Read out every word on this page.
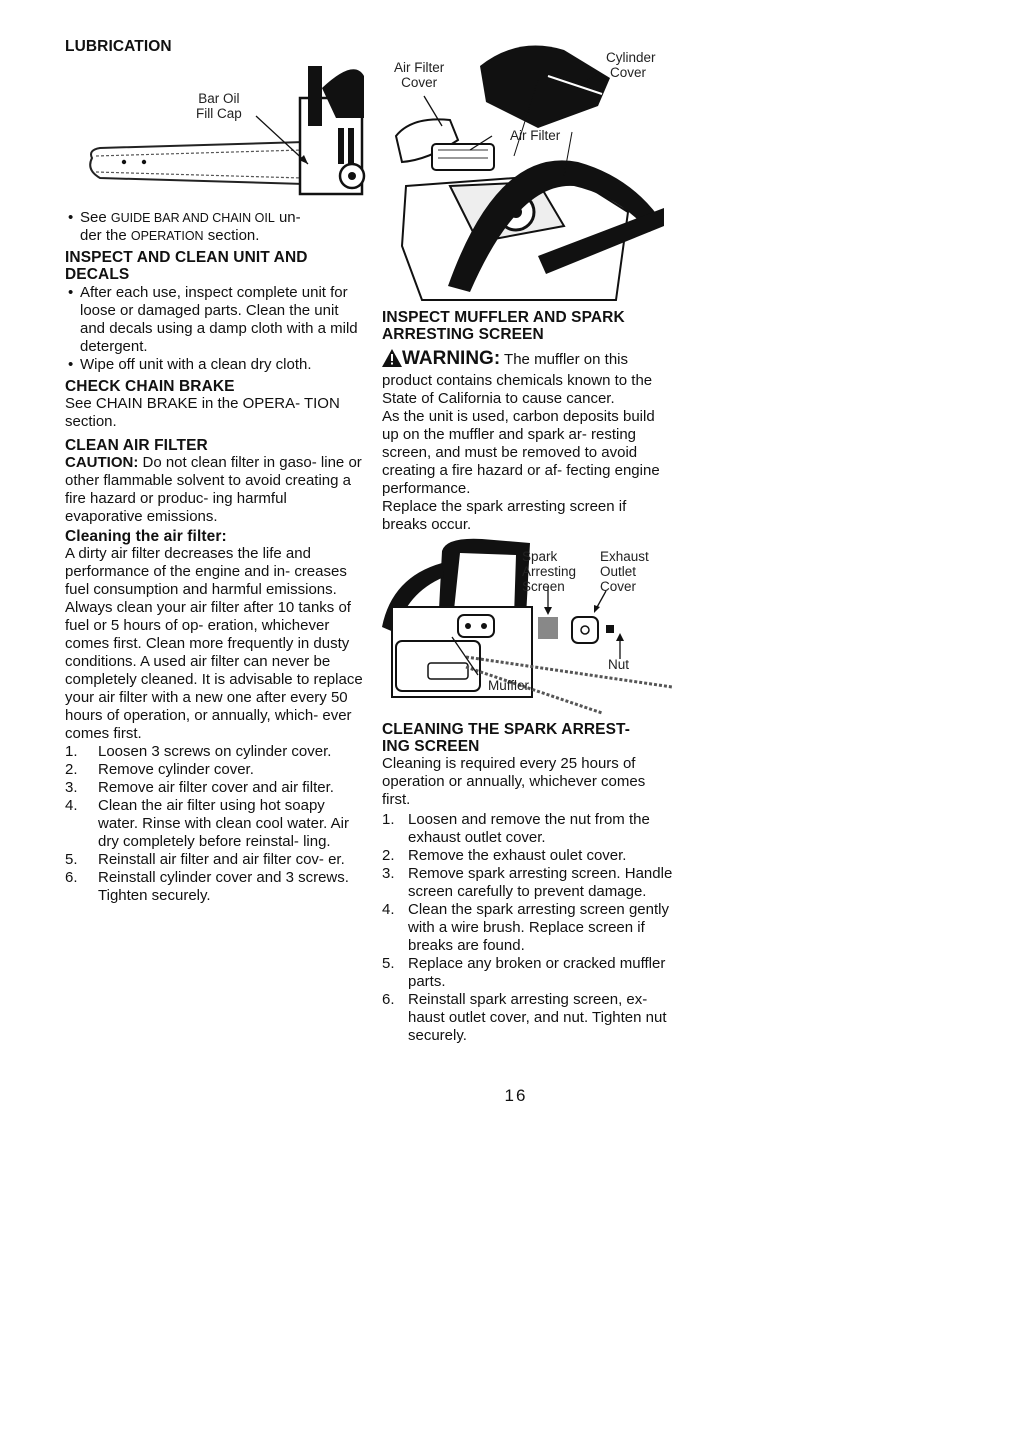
LUBRICATION
Bar Oil
Fill Cap
• See GUIDE BAR AND CHAIN OIL un-
der the OPERATION section.
INSPECT AND CLEAN UNIT AND
DECALS
• After each use, inspect complete unit for loose or damaged parts. Clean the unit and decals using a damp cloth with a mild detergent.
• Wipe off unit with a clean dry cloth.
CHECK CHAIN BRAKE

See CHAIN BRAKE in the OPERA- TION section.

CLEAN AIR FILTER

CAUTION: Do not clean filter in gaso- line or other flammable solvent to avoid creating a fire hazard or produc- ing harmful evaporative emissions.

Cleaning the air filter:

A dirty air filter decreases the life and performance of the engine and in- creases fuel consumption and harmful emissions. Always clean your air filter after 10 tanks of fuel or 5 hours of op- eration, whichever comes first. Clean more frequently in dusty conditions. A used air filter can never be completely cleaned. It is advisable to replace your air filter with a new one after every 50 hours of operation, or annually, which- ever comes first.

1. Loosen 3 screws on cylinder cover.
2. Remove cylinder cover.
3. Remove air filter cover and air filter.
4. Clean the air filter using hot soapy water. Rinse with clean cool water. Air dry completely before reinstal- ling.
5. Reinstall air filter and air filter cov- er.
6. Reinstall cylinder cover and 3 screws. Tighten securely.
Air Filter
Cover
Cylinder
Cover
Air Filter
INSPECT MUFFLER AND SPARK
ARRESTING SCREEN

WARNING: The muffler on this product contains chemicals known to the State of California to cause cancer.

As the unit is used, carbon deposits build up on the muffler and spark ar- resting screen, and must be removed to avoid creating a fire hazard or af- fecting engine performance.

Replace the spark arresting screen if breaks occur.

Spark
Arresting
Screen
Exhaust
Outlet
Cover
Nut
Muffler
CLEANING THE SPARK ARREST-
ING SCREEN

Cleaning is required every 25 hours of operation or annually, whichever comes first.

1. Loosen and remove the nut from the exhaust outlet cover.
2. Remove the exhaust oulet cover.
3. Remove spark arresting screen. Handle screen carefully to prevent damage.
4. Clean the spark arresting screen gently with a wire brush. Replace screen if breaks are found.
5. Replace any broken or cracked muffler parts.
6. Reinstall spark arresting screen, ex- haust outlet cover, and nut. Tighten nut securely.
16
